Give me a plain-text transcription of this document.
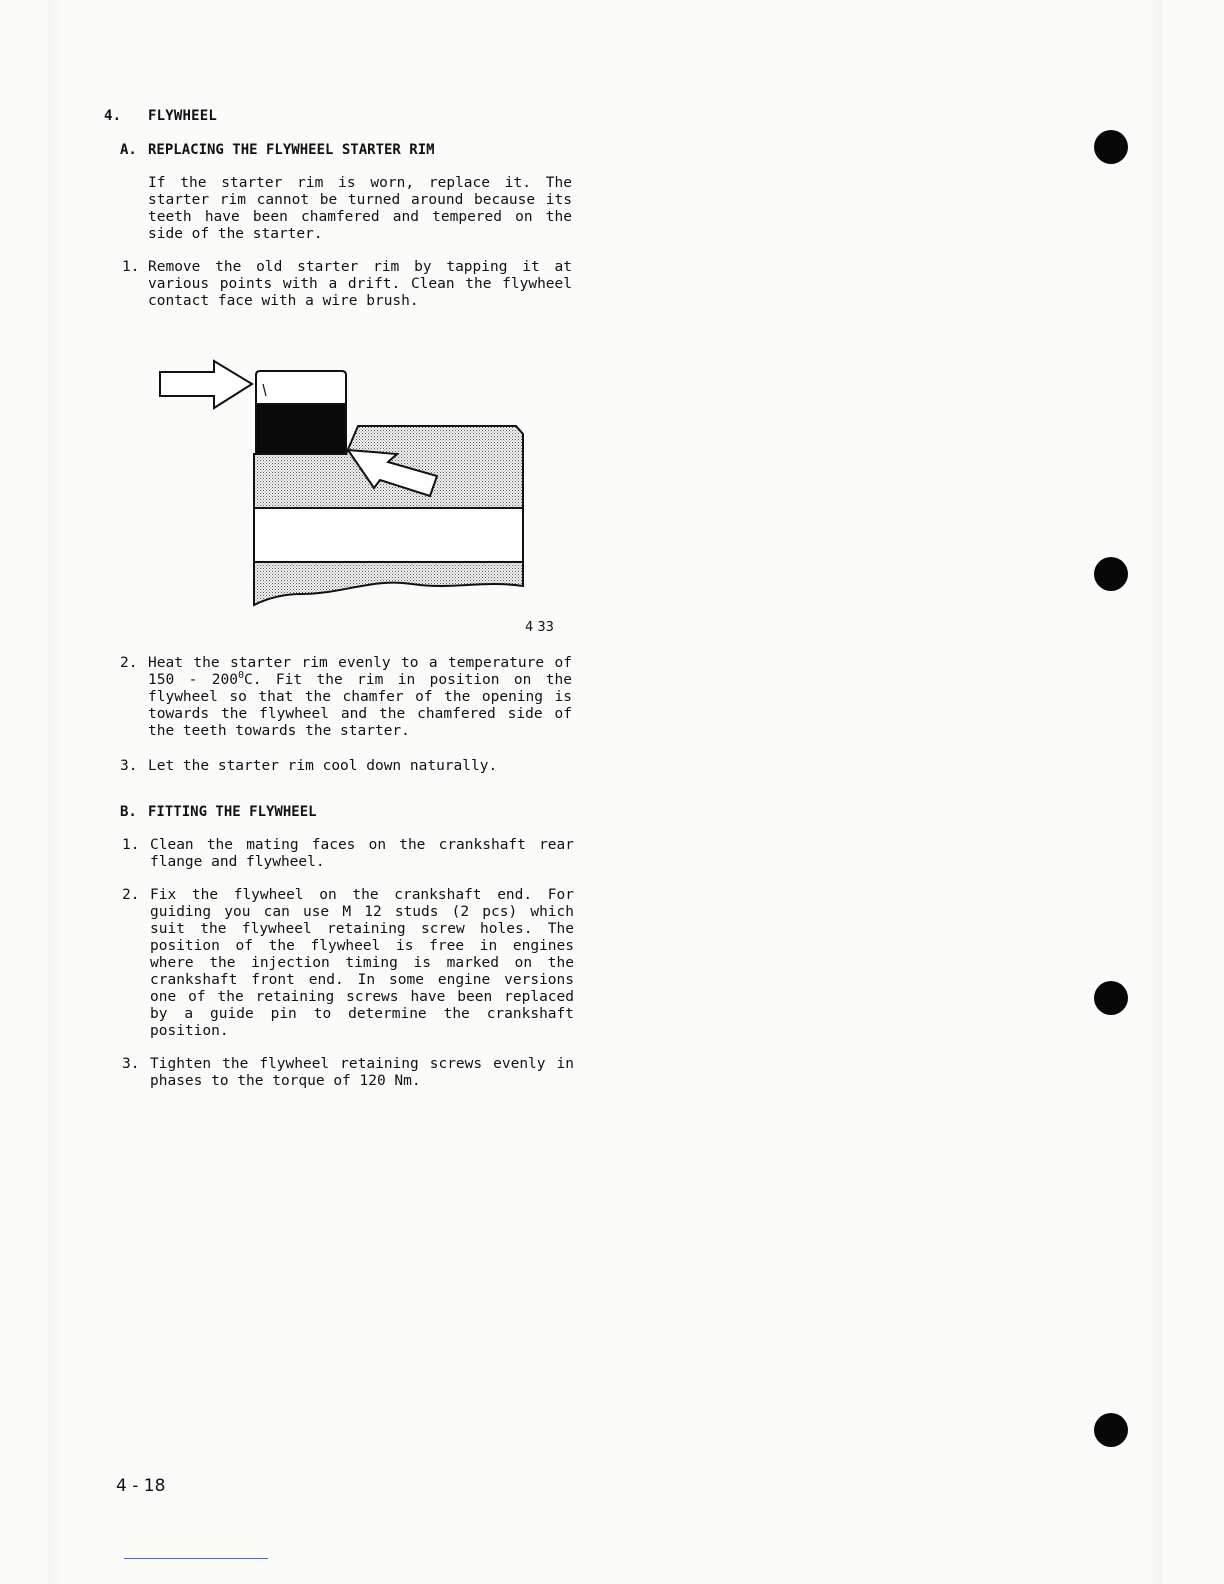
4. FLYWHEEL
A. REPLACING THE FLYWHEEL STARTER RIM
If the starter rim is worn, replace it. The starter rim cannot be turned around because its teeth have been chamfered and tempered on the side of the starter.
1. Remove the old starter rim by tapping it at various points with a drift. Clean the flywheel contact face with a wire brush.
4 33
2. Heat the starter rim evenly to a temperature of $150 - 200^0C$. Fit the rim in position on the flywheel so that the chamfer of the opening is towards the flywheel and the chamfered side of the teeth towards the starter.
3. Let the starter rim cool down naturally.
B. FITTING THE FLYWHEEL
1. Clean the mating faces on the crankshaft rear flange and flywheel.
2. Fix the flywheel on the crankshaft end. For guiding you can use M 12 studs (2 pcs) which suit the flywheel retaining screw holes. The position of the flywheel is free in engines where the injection timing is marked on the crankshaft front end. In some engine versions one of the retaining screws have been replaced by a guide pin to determine the crankshaft position.
3. Tighten the flywheel retaining screws evenly in phases to the torque of 120 Nm.
4 - 18
